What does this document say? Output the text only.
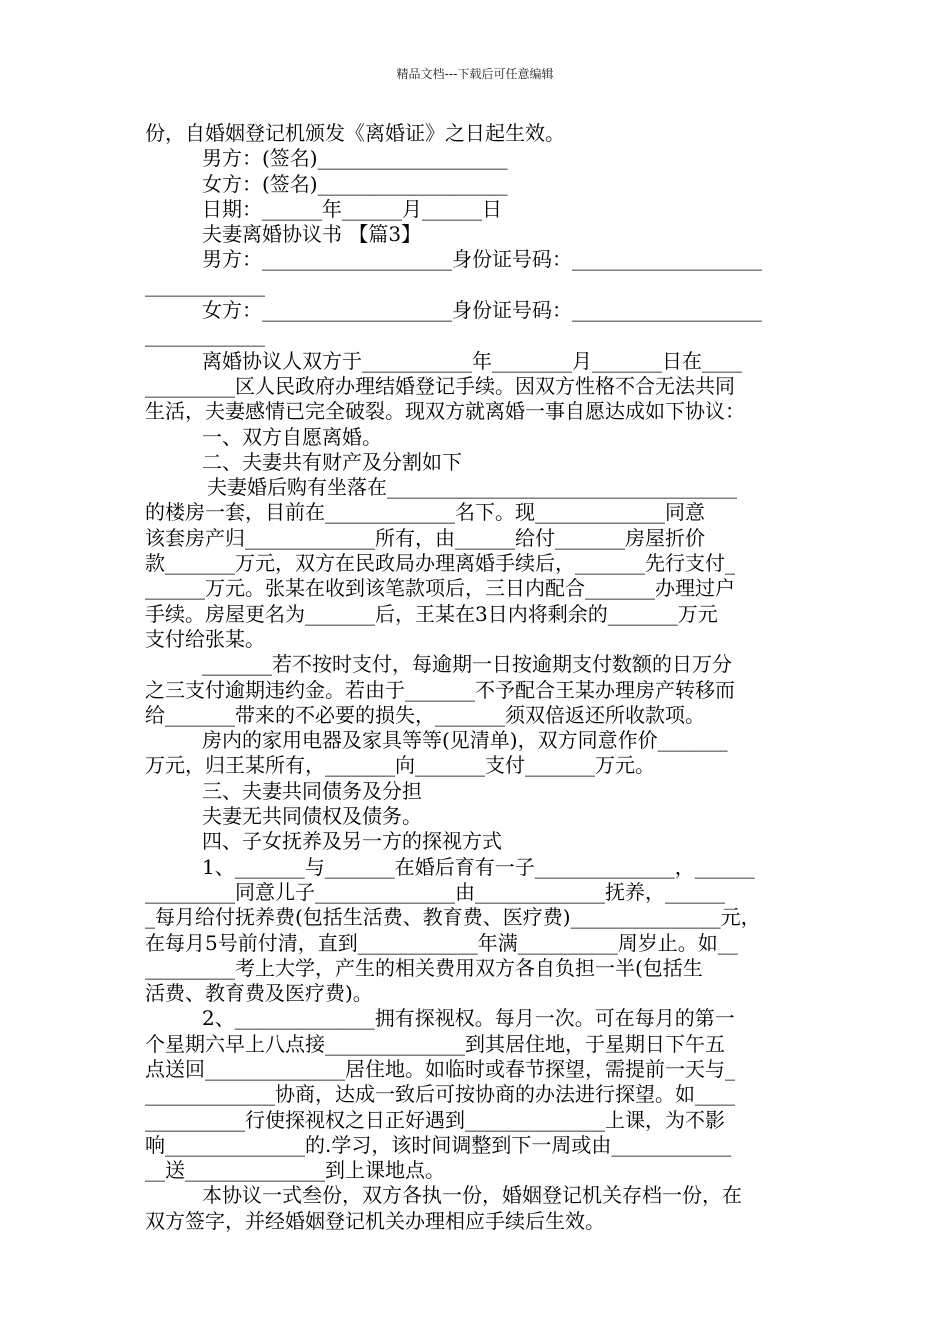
精品文档---下载后可任意编辑
份，自婚姻登记机颁发《离婚证》之日起生效。
男方：(签名)___________________
女方：(签名)___________________
日期：______年______月______日
夫妻离婚协议书 【篇3】
男方：___________________身份证号码：___________________
____________
女方：___________________身份证号码：___________________
____________
离婚协议人双方于___________年________月_______日在____
_________区人民政府办理结婚登记手续。因双方性格不合无法共同
生活，夫妻感情已完全破裂。现双方就离婚一事自愿达成如下协议：
一、双方自愿离婚。
二、夫妻共有财产及分割如下
夫妻婚后购有坐落在___________________________________
的楼房一套，目前在_____________名下。现_____________同意
该套房产归_____________所有，由______给付_______房屋折价
款_______万元，双方在民政局办理离婚手续后，_______先行支付_
______万元。张某在收到该笔款项后，三日内配合_______办理过户
手续。房屋更名为_______后，王某在3日内将剩余的_______万元
支付给张某。
_______若不按时支付，每逾期一日按逾期支付数额的日万分
之三支付逾期违约金。若由于_______不予配合王某办理房产转移而
给_______带来的不必要的损失，_______须双倍返还所收款项。
房内的家用电器及家具等等(见清单)，双方同意作价_______
万元，归王某所有，_______向_______支付_______万元。
三、夫妻共同债务及分担
夫妻无共同债权及债务。
四、子女抚养及另一方的探视方式
1、_______与_______在婚后育有一子______________，______
_________同意儿子______________由_____________抚养，______
_每月给付抚养费(包括生活费、教育费、医疗费)_______________元，
在每月5号前付清，直到____________年满__________周岁止。如__
_________考上大学，产生的相关费用双方各自负担一半(包括生
活费、教育费及医疗费)。
2、______________拥有探视权。每月一次。可在每月的第一
个星期六早上八点接______________到其居住地，于星期日下午五
点送回______________居住地。如临时或春节探望，需提前一天与_
_____________协商，达成一致后可按协商的办法进行探望。如____
__________行使探视权之日正好遇到______________上课，为不影
响______________的.学习，该时间调整到下一周或由____________
__送______________到上课地点。
本协议一式叁份，双方各执一份，婚姻登记机关存档一份，在
双方签字，并经婚姻登记机关办理相应手续后生效。
